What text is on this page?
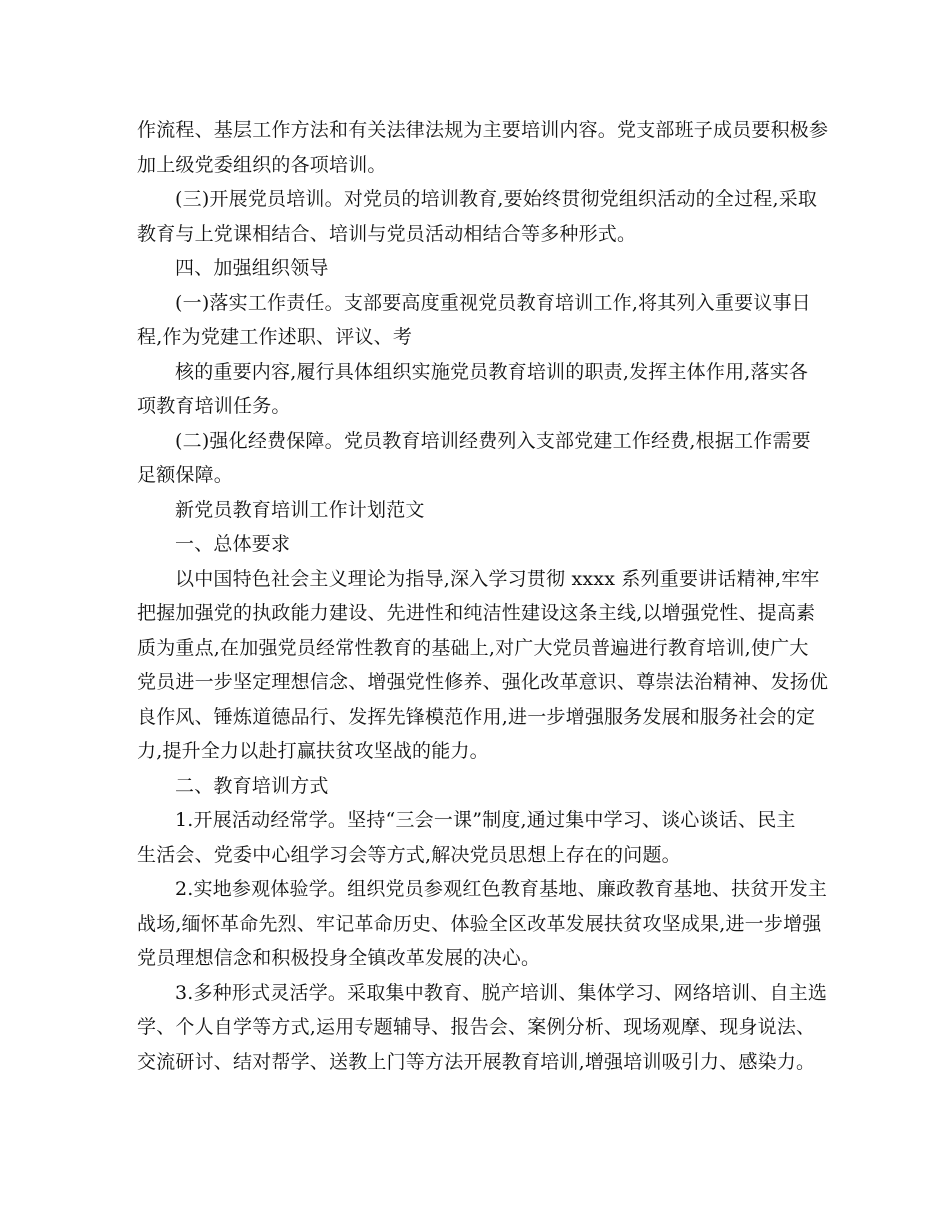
作流程、基层工作方法和有关法律法规为主要培训内容。党支部班子成员要积极参
加上级党委组织的各项培训。
(三)开展党员培训。对党员的培训教育,要始终贯彻党组织活动的全过程,采取
教育与上党课相结合、培训与党员活动相结合等多种形式。
四、加强组织领导
(一)落实工作责任。支部要高度重视党员教育培训工作,将其列入重要议事日
程,作为党建工作述职、评议、考
核的重要内容,履行具体组织实施党员教育培训的职责,发挥主体作用,落实各
项教育培训任务。
(二)强化经费保障。党员教育培训经费列入支部党建工作经费,根据工作需要
足额保障。
新党员教育培训工作计划范文
一、总体要求
以中国特色社会主义理论为指导,深入学习贯彻 xxxx 系列重要讲话精神,牢牢
把握加强党的执政能力建设、先进性和纯洁性建设这条主线,以增强党性、提高素
质为重点,在加强党员经常性教育的基础上,对广大党员普遍进行教育培训,使广大
党员进一步坚定理想信念、增强党性修养、强化改革意识、尊崇法治精神、发扬优
良作风、锤炼道德品行、发挥先锋模范作用,进一步增强服务发展和服务社会的定
力,提升全力以赴打赢扶贫攻坚战的能力。
二、教育培训方式
1.开展活动经常学。坚持“三会一课”制度,通过集中学习、谈心谈话、民主
生活会、党委中心组学习会等方式,解决党员思想上存在的问题。
2.实地参观体验学。组织党员参观红色教育基地、廉政教育基地、扶贫开发主
战场,缅怀革命先烈、牢记革命历史、体验全区改革发展扶贫攻坚成果,进一步增强
党员理想信念和积极投身全镇改革发展的决心。
3.多种形式灵活学。采取集中教育、脱产培训、集体学习、网络培训、自主选
学、个人自学等方式,运用专题辅导、报告会、案例分析、现场观摩、现身说法、
交流研讨、结对帮学、送教上门等方法开展教育培训,增强培训吸引力、感染力。
